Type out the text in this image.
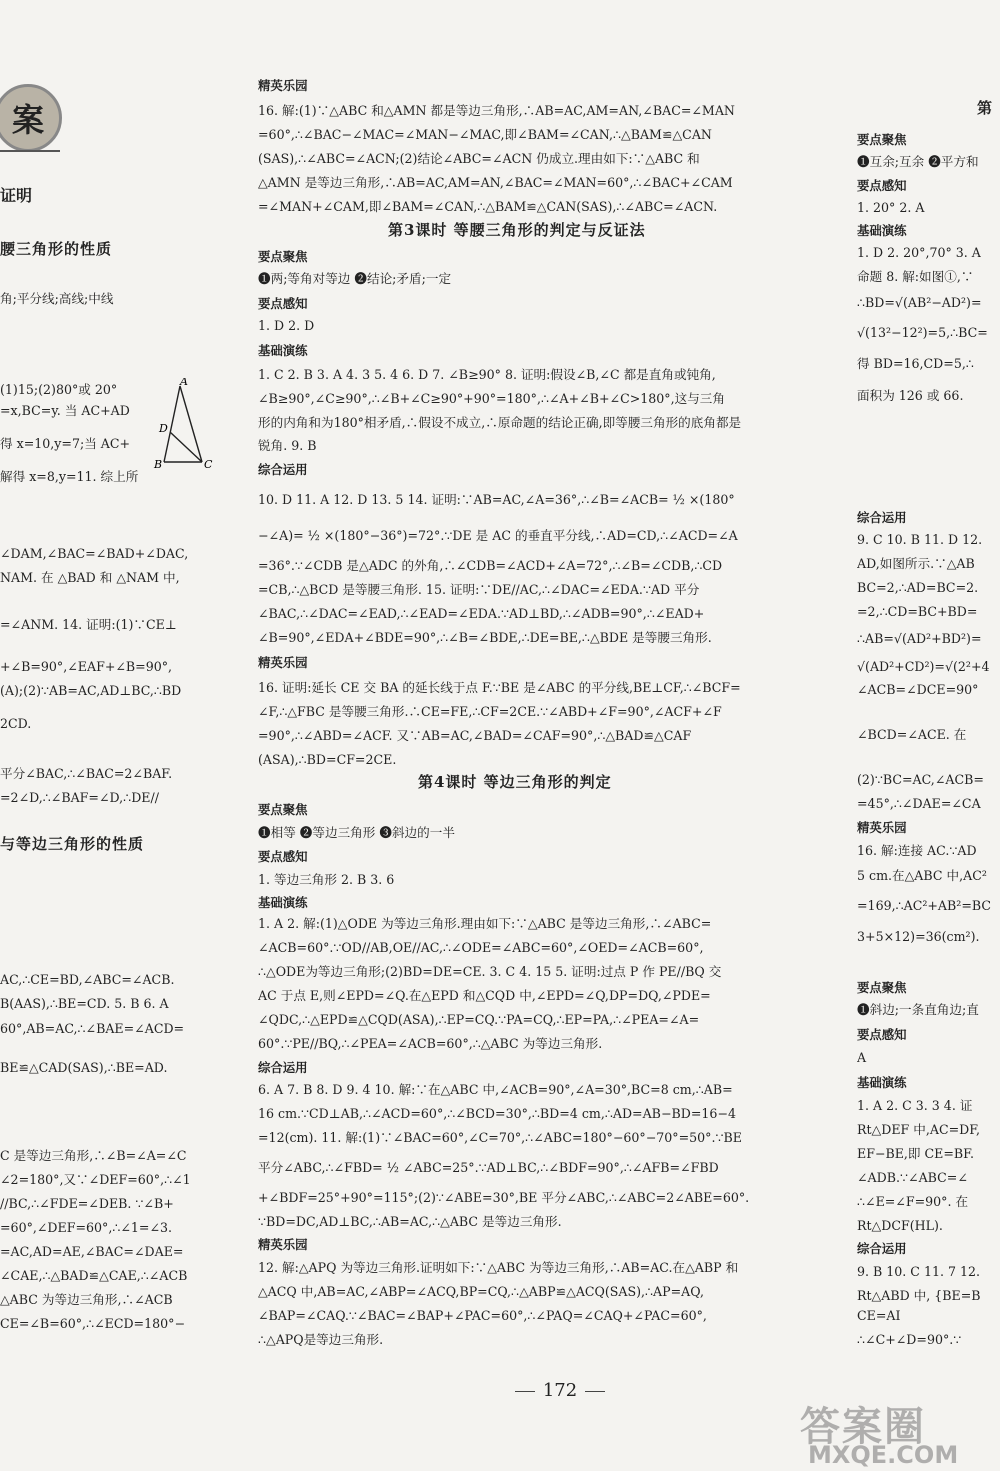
证明
腰三角形的性质
角;平分线;高线;中线
(1)15;(2)80°或 20°
=x,BC=y. 当 AC+AD
得 x=10,y=7;当 AC+
解得 x=8,y=11. 综上所
∠DAM,∠BAC=∠BAD+∠DAC,
NAM. 在 △BAD 和 △NAM 中,
=∠ANM. 14. 证明:(1)∵CE⊥
+∠B=90°,∠EAF+∠B=90°,
(A);(2)∵AB=AC,AD⊥BC,∴BD
2CD.
平分∠BAC,∴∠BAC=2∠BAF.
=2∠D,∴∠BAF=∠D,∴DE//
与等边三角形的性质
AC,∴CE=BD,∠ABC=∠ACB.
B(AAS),∴BE=CD. 5. B 6. A
60°,AB=AC,∴∠BAE=∠ACD=
BE≌△CAD(SAS),∴BE=AD.
C 是等边三角形,∴∠B=∠A=∠C
∠2=180°,又∵∠DEF=60°,∴∠1
//BC,∴∠FDE=∠DEB. ∵∠B+
=60°,∠DEF=60°,∴∠1=∠3.
=AC,AD=AE,∠BAC=∠DAE=
∠CAE,∴△BAD≌△CAE,∴∠ACB
△ABC 为等边三角形,∴∠ACB
CE=∠B=60°,∴∠ECD=180°−
精英乐园
16. 解:(1)∵△ABC 和△AMN 都是等边三角形,∴AB=AC,AM=AN,∠BAC=∠MAN
=60°,∴∠BAC−∠MAC=∠MAN−∠MAC,即∠BAM=∠CAN,∴△BAM≌△CAN
(SAS),∴∠ABC=∠ACN;(2)结论∠ABC=∠ACN 仍成立.理由如下:∵△ABC 和
△AMN 是等边三角形,∴AB=AC,AM=AN,∠BAC=∠MAN=60°,∴∠BAC+∠CAM
=∠MAN+∠CAM,即∠BAM=∠CAN,∴△BAM≌△CAN(SAS),∴∠ABC=∠ACN.
第3课时 等腰三角形的判定与反证法
要点聚焦
❶两;等角对等边 ❷结论;矛盾;一定
要点感知
1. D 2. D
基础演练
1. C 2. B 3. A 4. 3 5. 4 6. D 7. ∠B≥90° 8. 证明:假设∠B,∠C 都是直角或钝角,
∠B≥90°,∠C≥90°,∴∠B+∠C≥90°+90°=180°,∴∠A+∠B+∠C>180°,这与三角
形的内角和为180°相矛盾,∴假设不成立,∴原命题的结论正确,即等腰三角形的底角都是
锐角. 9. B
综合运用
10. D 11. A 12. D 13. 5 14. 证明:∵AB=AC,∠A=36°,∴∠B=∠ACB= ½ ×(180°
−∠A)= ½ ×(180°−36°)=72°.∵DE 是 AC 的垂直平分线,∴AD=CD,∴∠ACD=∠A
=36°.∵∠CDB 是△ADC 的外角,∴∠CDB=∠ACD+∠A=72°,∴∠B=∠CDB,∴CD
=CB,∴△BCD 是等腰三角形. 15. 证明:∵DE//AC,∴∠DAC=∠EDA.∵AD 平分
∠BAC,∴∠DAC=∠EAD,∴∠EAD=∠EDA.∵AD⊥BD,∴∠ADB=90°,∴∠EAD+
∠B=90°,∠EDA+∠BDE=90°,∴∠B=∠BDE,∴DE=BE,∴△BDE 是等腰三角形.
精英乐园
16. 证明:延长 CE 交 BA 的延长线于点 F.∵BE 是∠ABC 的平分线,BE⊥CF,∴∠BCF=
∠F,∴△FBC 是等腰三角形.∴CE=FE,∴CF=2CE.∵∠ABD+∠F=90°,∠ACF+∠F
=90°,∴∠ABD=∠ACF. 又∵AB=AC,∠BAD=∠CAF=90°,∴△BAD≌△CAF
(ASA),∴BD=CF=2CE.
第4课时 等边三角形的判定
要点聚焦
❶相等 ❷等边三角形 ❸斜边的一半
要点感知
1. 等边三角形 2. B 3. 6
基础演练
1. A 2. 解:(1)△ODE 为等边三角形.理由如下:∵△ABC 是等边三角形,∴∠ABC=
∠ACB=60°.∵OD//AB,OE//AC,∴∠ODE=∠ABC=60°,∠OED=∠ACB=60°,
∴△ODE为等边三角形;(2)BD=DE=CE. 3. C 4. 15 5. 证明:过点 P 作 PE//BQ 交
AC 于点 E,则∠EPD=∠Q.在△EPD 和△CQD 中,∠EPD=∠Q,DP=DQ,∠PDE=
∠QDC,∴△EPD≌△CQD(ASA),∴EP=CQ.∵PA=CQ,∴EP=PA,∴∠PEA=∠A=
60°.∵PE//BQ,∴∠PEA=∠ACB=60°,∴△ABC 为等边三角形.
综合运用
6. A 7. B 8. D 9. 4 10. 解:∵在△ABC 中,∠ACB=90°,∠A=30°,BC=8 cm,∴AB=
16 cm.∵CD⊥AB,∴∠ACD=60°,∴∠BCD=30°,∴BD=4 cm,∴AD=AB−BD=16−4
=12(cm). 11. 解:(1)∵∠BAC=60°,∠C=70°,∴∠ABC=180°−60°−70°=50°.∵BE
平分∠ABC,∴∠FBD= ½ ∠ABC=25°.∵AD⊥BC,∴∠BDF=90°,∴∠AFB=∠FBD
+∠BDF=25°+90°=115°;(2)∵∠ABE=30°,BE 平分∠ABC,∴∠ABC=2∠ABE=60°.
∵BD=DC,AD⊥BC,∴AB=AC,∴△ABC 是等边三角形.
精英乐园
12. 解:△APQ 为等边三角形.证明如下:∵△ABC 为等边三角形,∴AB=AC.在△ABP 和
△ACQ 中,AB=AC,∠ABP=∠ACQ,BP=CQ,∴△ABP≌△ACQ(SAS),∴AP=AQ,
∠BAP=∠CAQ.∵∠BAC=∠BAP+∠PAC=60°,∴∠PAQ=∠CAQ+∠PAC=60°,
∴△APQ是等边三角形.
第
要点聚焦
❶互余;互余 ❷平方和
要点感知
1. 20° 2. A
基础演练
1. D 2. 20°,70° 3. A
命题 8. 解:如图①,∵
∴BD=√(AB²−AD²)=
√(13²−12²)=5,∴BC=
得 BD=16,CD=5,∴
面积为 126 或 66.
综合运用
9. C 10. B 11. D 12.
AD,如图所示.∵△AB
BC=2,∴AD=BC=2.
=2,∴CD=BC+BD=
∴AB=√(AD²+BD²)=
√(AD²+CD²)=√(2²+4
∠ACB=∠DCE=90°
∠BCD=∠ACE. 在
(2)∵BC=AC,∠ACB=
=45°,∴∠DAE=∠CA
精英乐园
16. 解:连接 AC.∵AD
5 cm.在△ABC 中,AC²
=169,∴AC²+AB²=BC
3+5×12)=36(cm²).
要点聚焦
❶斜边;一条直角边;直
要点感知
A
基础演练
1. A 2. C 3. 3 4. 证
Rt△DEF 中,AC=DF,
EF−BE,即 CE=BF.
∠ADB.∵∠ABC=∠
∴∠E=∠F=90°. 在
Rt△DCF(HL).
综合运用
9. B 10. C 11. 7 12.
Rt△ABD 中, {BE=B
CE=AI
∴∠C+∠D=90°.∵
案
A
B	C
D
172
答案圈
MXQE.COM
